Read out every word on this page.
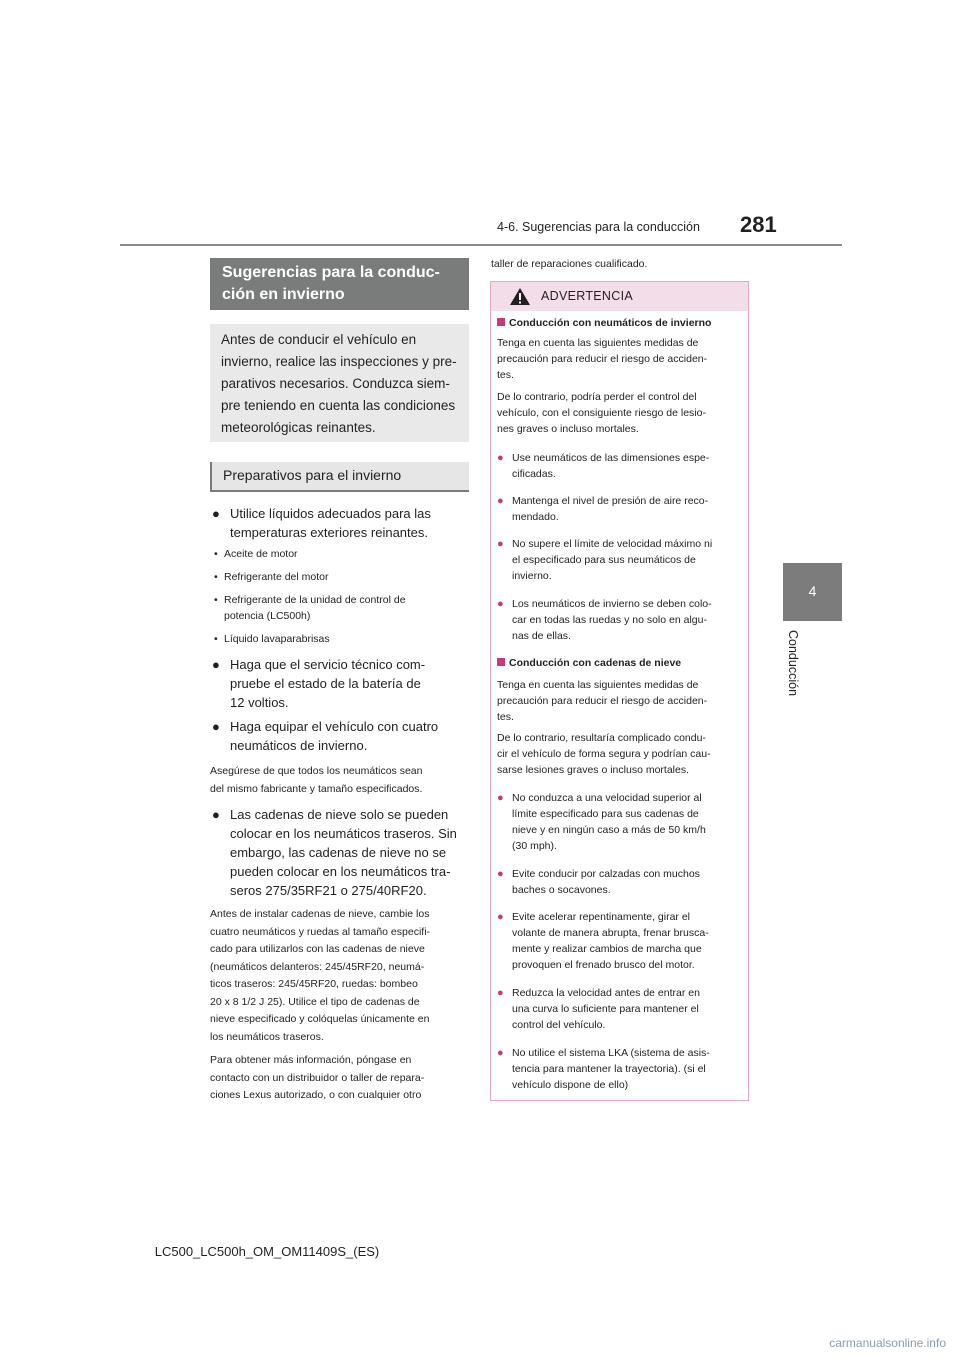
4-6. Sugerencias para la conducción 281
4
Conducción
Sugerencias para la conduc-
ción en invierno
Antes de conducir el vehículo en
invierno, realice las inspecciones y pre-
parativos necesarios. Conduzca siem-
pre teniendo en cuenta las condiciones
meteorológicas reinantes.
Preparativos para el invierno
● Utilice líquidos adecuados para las
temperaturas exteriores reinantes.
• Aceite de motor
• Refrigerante del motor
• Refrigerante de la unidad de control de
potencia (LC500h)
• Líquido lavaparabrisas
● Haga que el servicio técnico com-
pruebe el estado de la batería de
12 voltios.
● Haga equipar el vehículo con cuatro
neumáticos de invierno.
Asegúrese de que todos los neumáticos sean
del mismo fabricante y tamaño especificados.
● Las cadenas de nieve solo se pueden
colocar en los neumáticos traseros. Sin
embargo, las cadenas de nieve no se
pueden colocar en los neumáticos tra-
seros 275/35RF21 o 275/40RF20.
Antes de instalar cadenas de nieve, cambie los
cuatro neumáticos y ruedas al tamaño especifi-
cado para utilizarlos con las cadenas de nieve
(neumáticos delanteros: 245/45RF20, neumá-
ticos traseros: 245/45RF20, ruedas: bombeo
20 x 8 1/2 J 25). Utilice el tipo de cadenas de
nieve especificado y colóquelas únicamente en
los neumáticos traseros.
Para obtener más información, póngase en
contacto con un distribuidor o taller de repara-
ciones Lexus autorizado, o con cualquier otro
taller de reparaciones cualificado.
ADVERTENCIA
Conducción con neumáticos de invierno
Tenga en cuenta las siguientes medidas de
precaución para reducir el riesgo de acciden-
tes.
De lo contrario, podría perder el control del
vehículo, con el consiguiente riesgo de lesio-
nes graves o incluso mortales.
● Use neumáticos de las dimensiones espe-
cificadas.
● Mantenga el nivel de presión de aire reco-
mendado.
● No supere el límite de velocidad máximo ni
el especificado para sus neumáticos de
invierno.
● Los neumáticos de invierno se deben colo-
car en todas las ruedas y no solo en algu-
nas de ellas.
Conducción con cadenas de nieve
Tenga en cuenta las siguientes medidas de
precaución para reducir el riesgo de acciden-
tes.
De lo contrario, resultaría complicado condu-
cir el vehículo de forma segura y podrían cau-
sarse lesiones graves o incluso mortales.
● No conduzca a una velocidad superior al
límite especificado para sus cadenas de
nieve y en ningún caso a más de 50 km/h
(30 mph).
● Evite conducir por calzadas con muchos
baches o socavones.
● Evite acelerar repentinamente, girar el
volante de manera abrupta, frenar brusca-
mente y realizar cambios de marcha que
provoquen el frenado brusco del motor.
● Reduzca la velocidad antes de entrar en
una curva lo suficiente para mantener el
control del vehículo.
● No utilice el sistema LKA (sistema de asis-
tencia para mantener la trayectoria). (si el
vehículo dispone de ello)
LC500_LC500h_OM_OM11409S_(ES)
carmanualsonline.info
